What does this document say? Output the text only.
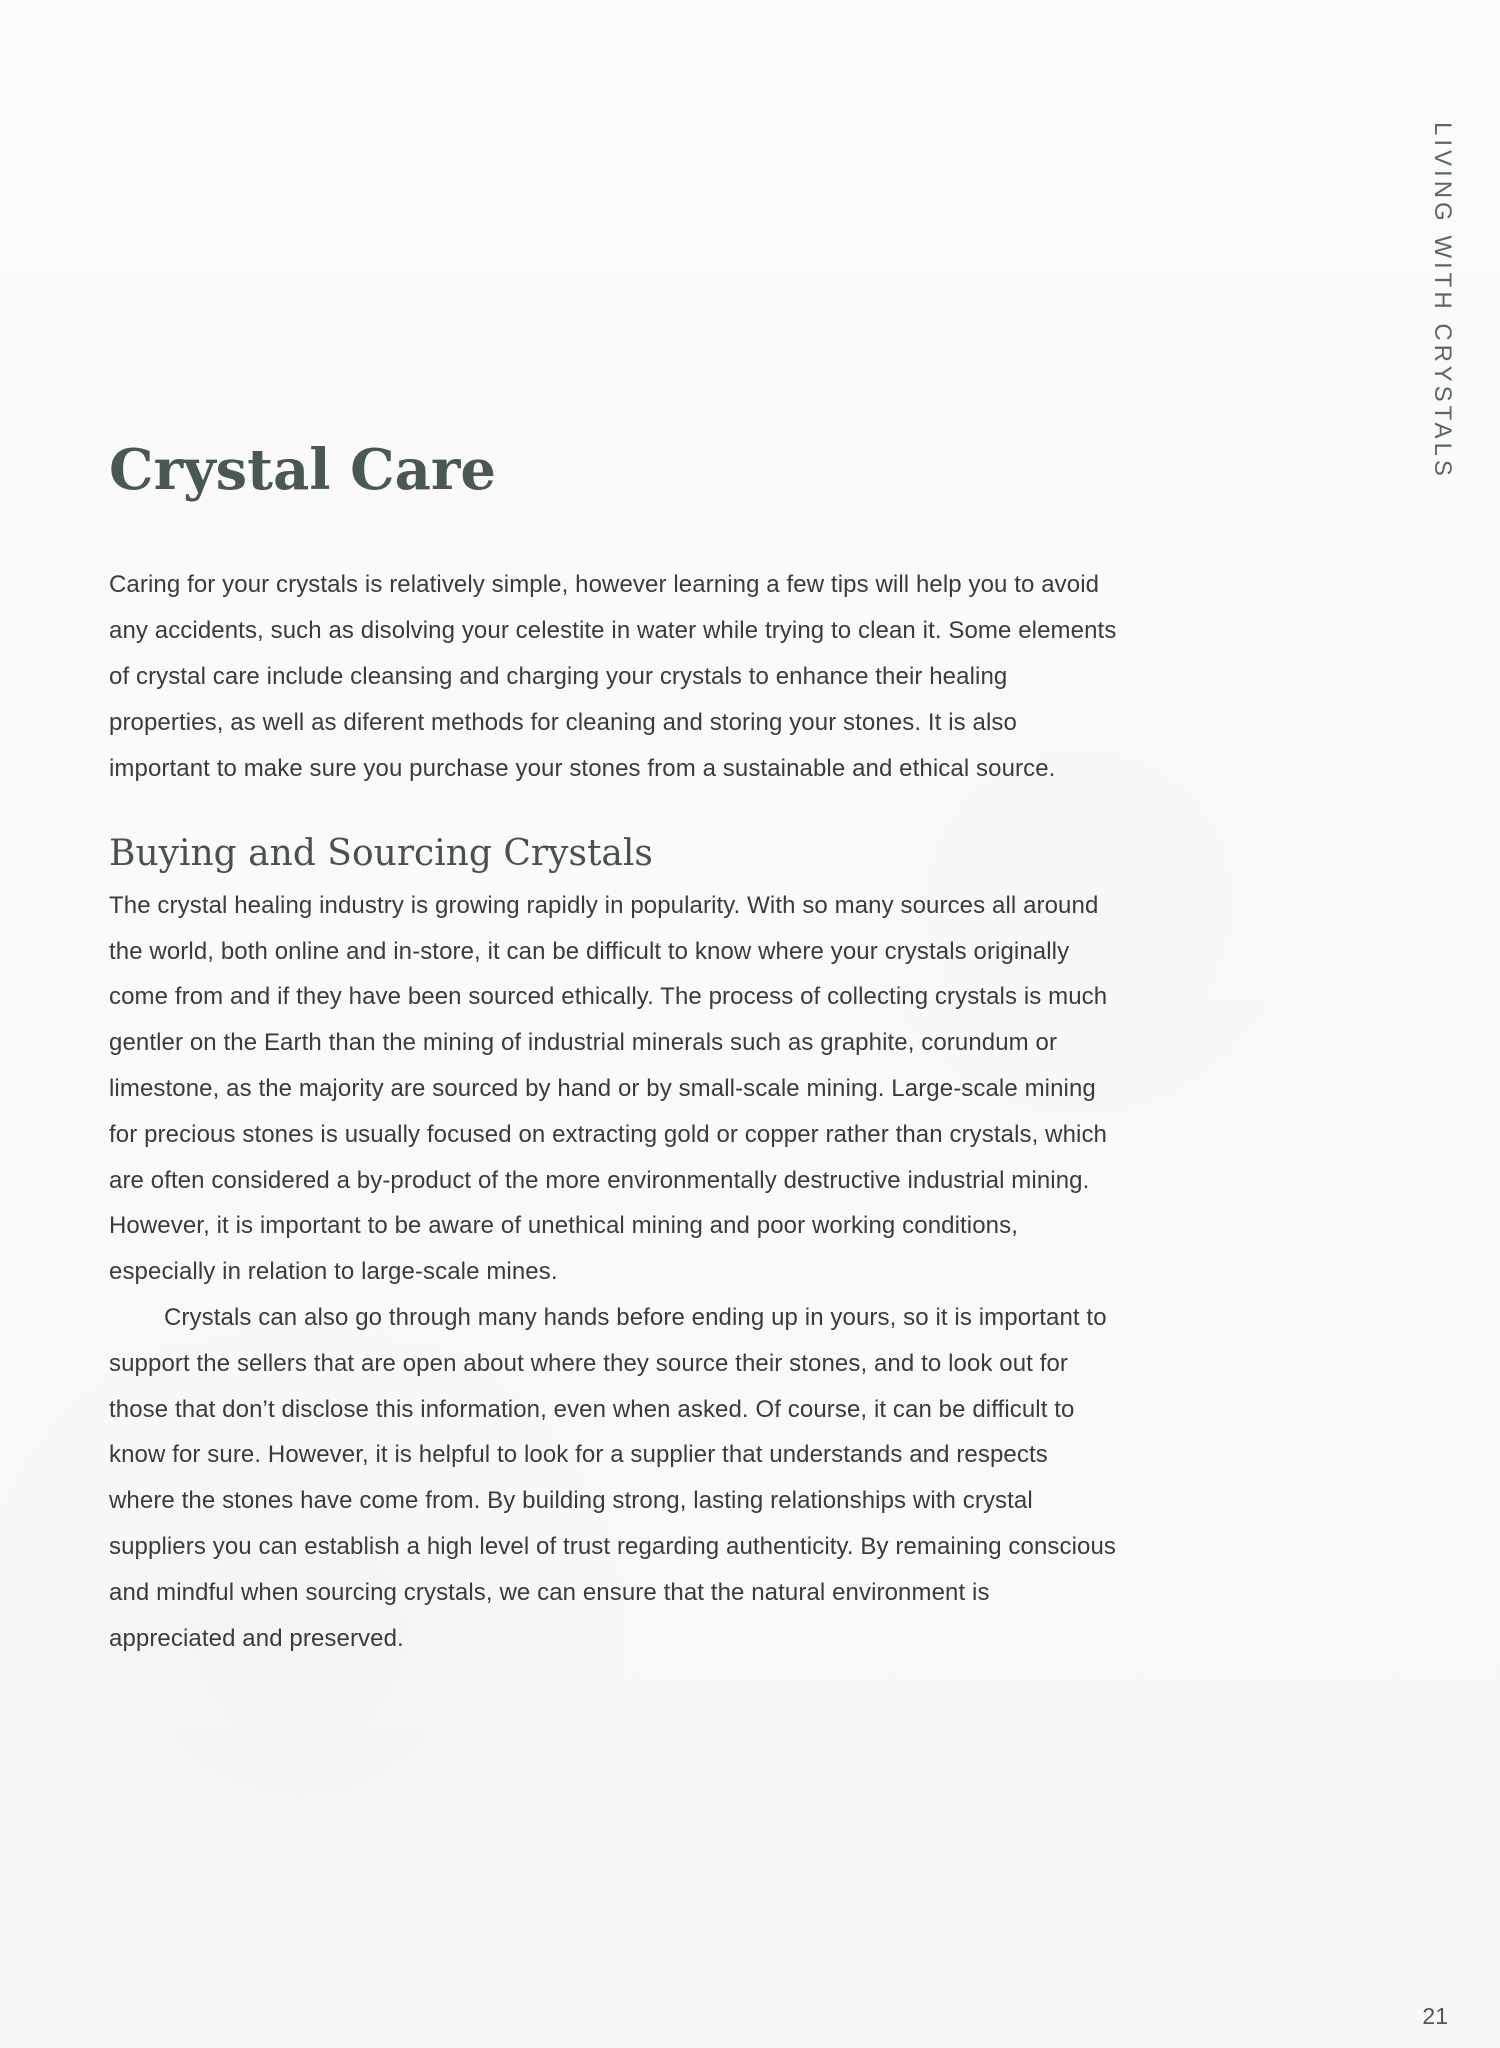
LIVING WITH CRYSTALS
Crystal Care

Caring for your crystals is relatively simple, however learning a few tips will help you to avoid any accidents, such as disolving your celestite in water while trying to clean it. Some elements of crystal care include cleansing and charging your crystals to enhance their healing properties, as well as diferent methods for cleaning and storing your stones. It is also important to make sure you purchase your stones from a sustainable and ethical source.

Buying and Sourcing Crystals

The crystal healing industry is growing rapidly in popularity. With so many sources all around the world, both online and in-store, it can be difficult to know where your crystals originally come from and if they have been sourced ethically. The process of collecting crystals is much gentler on the Earth than the mining of industrial minerals such as graphite, corundum or limestone, as the majority are sourced by hand or by small-scale mining. Large-scale mining for precious stones is usually focused on extracting gold or copper rather than crystals, which are often considered a by-product of the more environmentally destructive industrial mining. However, it is important to be aware of unethical mining and poor working conditions, especially in relation to large-scale mines.

Crystals can also go through many hands before ending up in yours, so it is important to support the sellers that are open about where they source their stones, and to look out for those that don’t disclose this information, even when asked. Of course, it can be difficult to know for sure. However, it is helpful to look for a supplier that understands and respects where the stones have come from. By building strong, lasting relationships with crystal suppliers you can establish a high level of trust regarding authenticity. By remaining conscious and mindful when sourcing crystals, we can ensure that the natural environment is appreciated and preserved.

21
